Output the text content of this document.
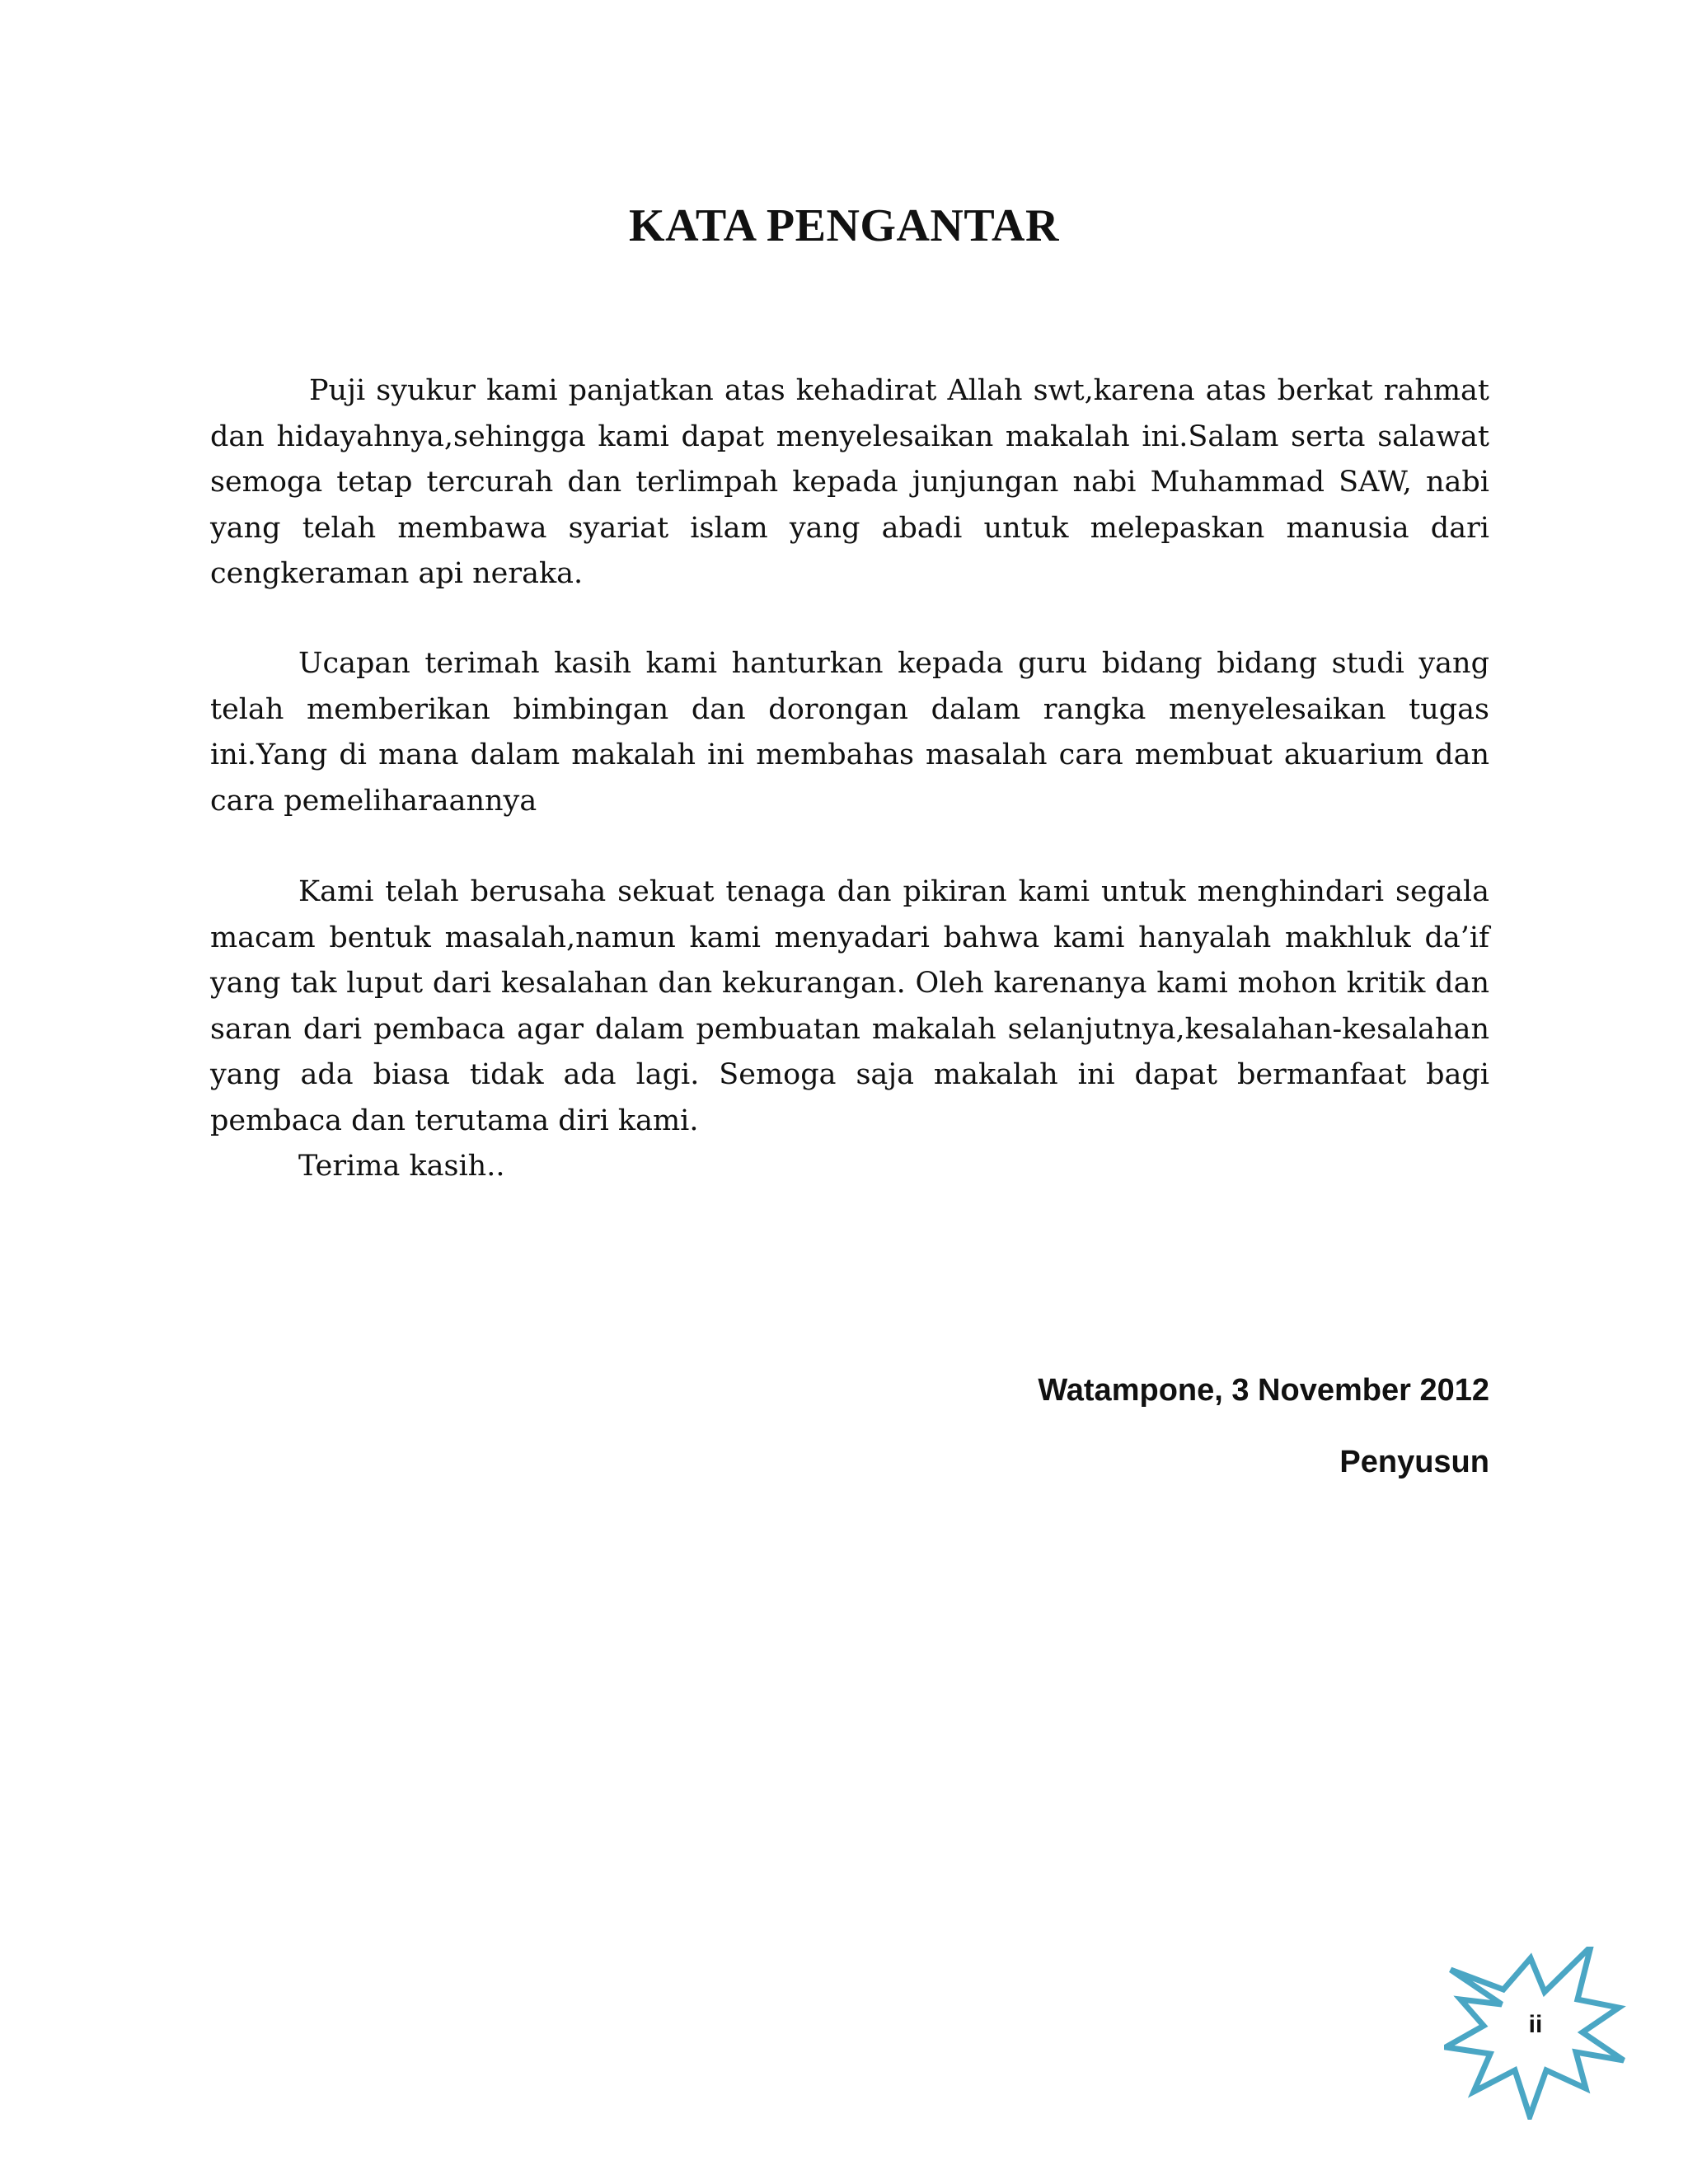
KATA PENGANTAR

Puji syukur kami panjatkan atas kehadirat Allah swt,karena atas berkat rahmat dan hidayahnya,sehingga kami dapat menyelesaikan makalah ini.Salam serta salawat semoga tetap tercurah dan terlimpah kepada junjungan nabi Muhammad SAW, nabi yang telah membawa syariat islam yang abadi untuk melepaskan manusia dari cengkeraman api neraka.

Ucapan terimah kasih kami hanturkan kepada guru bidang bidang studi yang telah memberikan bimbingan dan dorongan dalam rangka menyelesaikan tugas ini.Yang di mana dalam makalah ini membahas masalah cara membuat akuarium dan cara pemeliharaannya

Kami telah berusaha sekuat tenaga dan pikiran kami untuk menghindari segala macam bentuk masalah,namun kami menyadari bahwa kami hanyalah makhluk da’if yang tak luput dari kesalahan dan kekurangan. Oleh karenanya kami mohon kritik dan saran dari pembaca agar dalam pembuatan makalah selanjutnya,kesalahan-kesalahan yang ada biasa tidak ada lagi. Semoga saja makalah ini dapat bermanfaat bagi pembaca dan terutama diri kami.

Terima kasih..

Watampone, 3 November 2012

Penyusun

ii
